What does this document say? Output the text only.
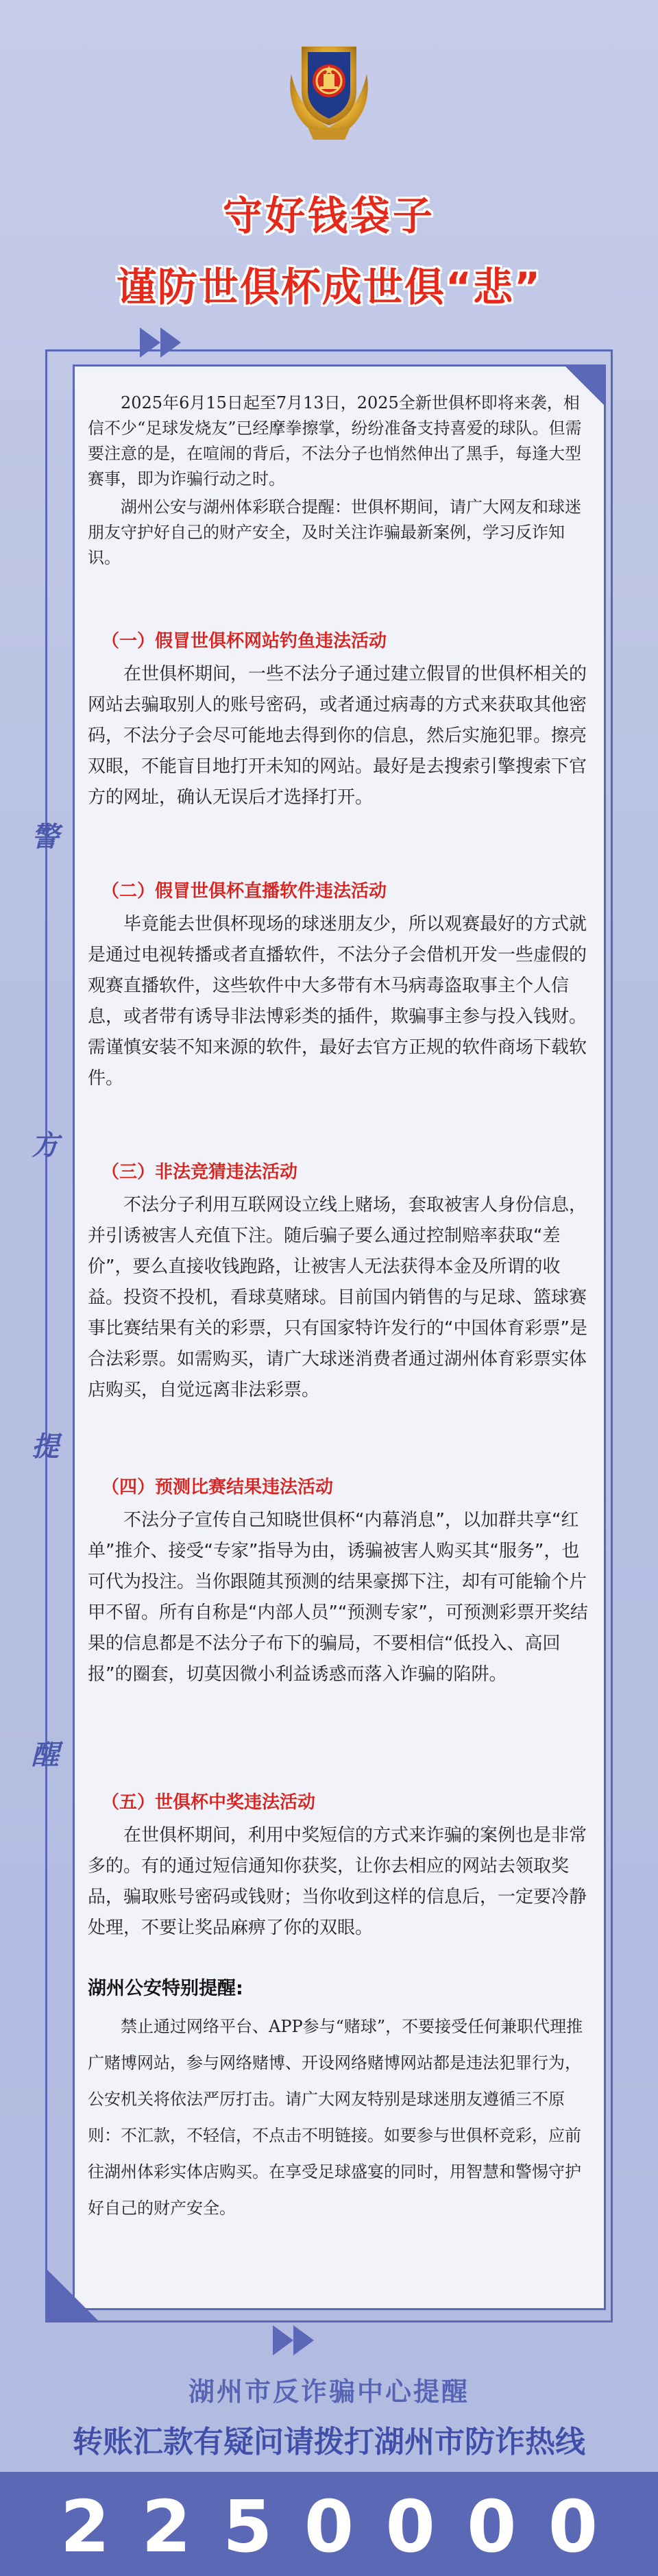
守好钱袋子
谨防世俱杯成世俱“悲”
警
方
提
醒

2025年6月15日起至7月13日，2025全新世俱杯即将来袭，相信不少“足球发烧友”已经摩拳擦掌，纷纷准备支持喜爱的球队。但需要注意的是，在喧闹的背后，不法分子也悄然伸出了黑手，每逢大型赛事，即为诈骗行动之时。

湖州公安与湖州体彩联合提醒：世俱杯期间，请广大网友和球迷朋友守护好自己的财产安全，及时关注诈骗最新案例，学习反诈知识。

（一）假冒世俱杯网站钓鱼违法活动

在世俱杯期间，一些不法分子通过建立假冒的世俱杯相关的网站去骗取别人的账号密码，或者通过病毒的方式来获取其他密码，不法分子会尽可能地去得到你的信息，然后实施犯罪。擦亮双眼，不能盲目地打开未知的网站。最好是去搜索引擎搜索下官方的网址，确认无误后才选择打开。

（二）假冒世俱杯直播软件违法活动

毕竟能去世俱杯现场的球迷朋友少，所以观赛最好的方式就是通过电视转播或者直播软件，不法分子会借机开发一些虚假的观赛直播软件，这些软件中大多带有木马病毒盗取事主个人信息，或者带有诱导非法博彩类的插件，欺骗事主参与投入钱财。需谨慎安装不知来源的软件，最好去官方正规的软件商场下载软件。

（三）非法竞猜违法活动

不法分子利用互联网设立线上赌场，套取被害人身份信息，并引诱被害人充值下注。随后骗子要么通过控制赔率获取“差价”，要么直接收钱跑路，让被害人无法获得本金及所谓的收益。投资不投机，看球莫赌球。目前国内销售的与足球、篮球赛事比赛结果有关的彩票，只有国家特许发行的“中国体育彩票”是合法彩票。如需购买，请广大球迷消费者通过湖州体育彩票实体店购买，自觉远离非法彩票。

（四）预测比赛结果违法活动

不法分子宣传自己知晓世俱杯“内幕消息”，以加群共享“红单”推介、接受“专家”指导为由，诱骗被害人购买其“服务”，也可代为投注。当你跟随其预测的结果豪掷下注，却有可能输个片甲不留。所有自称是“内部人员”“预测专家”，可预测彩票开奖结果的信息都是不法分子布下的骗局，不要相信“低投入、高回报”的圈套，切莫因微小利益诱惑而落入诈骗的陷阱。

（五）世俱杯中奖违法活动

在世俱杯期间，利用中奖短信的方式来诈骗的案例也是非常多的。有的通过短信通知你获奖，让你去相应的网站去领取奖品，骗取账号密码或钱财；当你收到这样的信息后，一定要冷静处理，不要让奖品麻痹了你的双眼。

湖州公安特别提醒:

禁止通过网络平台、APP参与“赌球”，不要接受任何兼职代理推广赌博网站，参与网络赌博、开设网络赌博网站都是违法犯罪行为，公安机关将依法严厉打击。请广大网友特别是球迷朋友遵循三不原则：不汇款，不轻信，不点击不明链接。如要参与世俱杯竞彩，应前往湖州体彩实体店购买。在享受足球盛宴的同时，用智慧和警惕守护好自己的财产安全。

湖州市反诈骗中心提醒
转账汇款有疑问请拨打湖州市防诈热线
2 2 5 0 0 0 0
